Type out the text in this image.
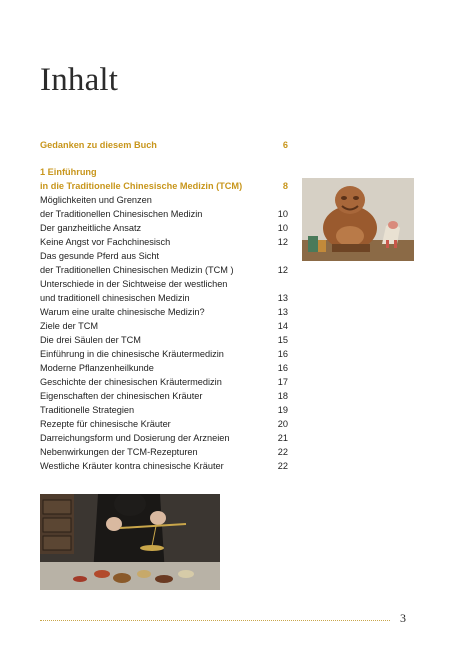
Inhalt
Gedanken zu diesem Buch	6
1 Einführung
in die Traditionelle Chinesische Medizin (TCM)	8
Möglichkeiten und Grenzen
der Traditionellen Chinesischen Medizin	10
Der ganzheitliche Ansatz	10
Keine Angst vor Fachchinesisch	12
Das gesunde Pferd aus Sicht
der Traditionellen Chinesischen Medizin (TCM )	12
Unterschiede in der Sichtweise der westlichen
und traditionell chinesischen Medizin	13
Warum eine uralte chinesische Medizin?	13
Ziele der TCM	14
Die drei Säulen der TCM	15
Einführung in die chinesische Kräutermedizin	16
Moderne Pflanzenheilkunde	16
Geschichte der chinesischen Kräutermedizin	17
Eigenschaften der chinesischen Kräuter	18
Traditionelle Strategien	19
Rezepte für chinesische Kräuter	20
Darreichungsform und Dosierung der Arzneien	21
Nebenwirkungen der TCM-Rezepturen	22
Westliche Kräuter kontra chinesische Kräuter	22
3
